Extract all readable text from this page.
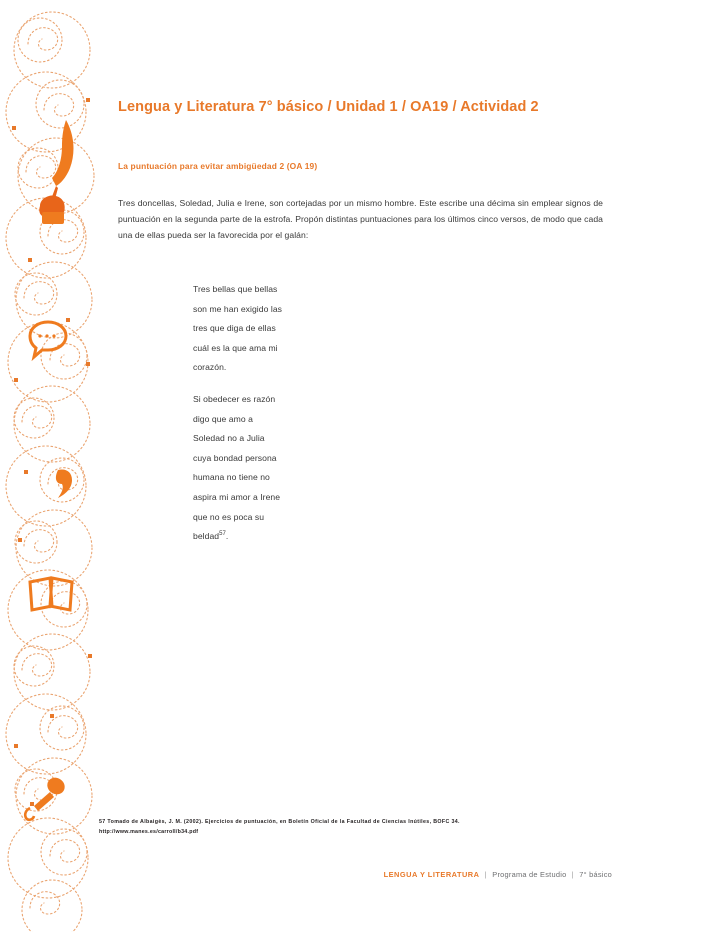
Lengua y Literatura 7° básico / Unidad 1 / OA19 / Actividad 2
La puntuación para evitar ambigüedad 2 (OA 19)

Tres doncellas, Soledad, Julia e Irene, son cortejadas por un mismo hombre. Este escribe una décima sin emplear signos de puntuación en la segunda parte de la estrofa. Propón distintas puntuaciones para los últimos cinco versos, de modo que cada una de ellas pueda ser la favorecida por el galán:

Tres bellas que bellas
son me han exigido las
tres que diga de ellas
cuál es la que ama mi
corazón.
Si obedecer es razón
digo que amo a
Soledad no a Julia
cuya bondad persona
humana no tiene no
aspira mi amor a Irene
que no es poca su
beldad$^{57}$.
57 Tomado de Albaigès, J. M. (2002). Ejercicios de puntuación, en Boletín Oficial de la Facultad de Ciencias Inútiles, BOFC 34.
http://www.manes.es/carroll/b34.pdf
LENGUA Y LITERATURA | Programa de Estudio | 7° básico
